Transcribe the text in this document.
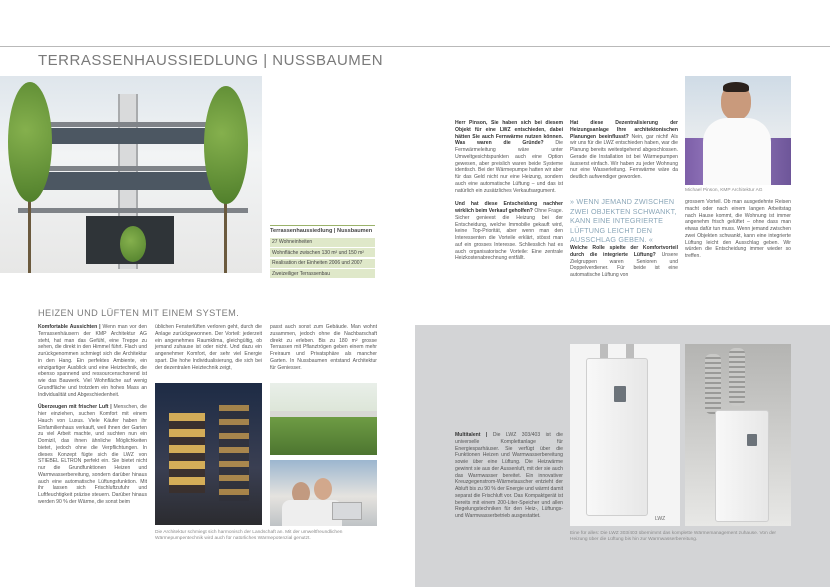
TERRASSENHAUSSIEDLUNG | NUSSBAUMEN
Terrassenhaussiedlung | Nussbaumen
27 Wohneinheiten
Wohnfläche zwischen 130 m² und 150 m²
Realisation der Einheiten 2006 und 2007
Zweizeiliger Terrassenbau
Herr Pinson, Sie haben sich bei diesem Objekt für eine LWZ entschieden, dabei hätten Sie auch Fernwärme nutzen können. Was waren die Gründe? Die Fernwärmeleitung wäre unter Umweltgesichtspunkten auch eine Option gewesen, aber preislich waren beide Systeme identisch. Bei der Wärmepumpe hatten wir aber für das Geld nicht nur eine Heizung, sondern auch eine automatische Lüftung – und das ist natürlich ein zusätzliches Verkaufsargument.
Und hat diese Entscheidung nachher wirklich beim Verkauf geholfen? Ohne Frage. Sicher genieest die Heizung bei der Entscheidung, welche Immobilie gekauft wird, keine Top-Priorität, aber wenn man den Interessenten die Vorteile erklärt, stösst man auf ein grosses Interesse. Schliesslich hat es auch organisatorische Vorteile: Eine zentrale Heizkostenabrechnung entfällt.
Hat diese Dezentralisierung der Heizungsanlage Ihre architektonischen Planungen beeinflusst? Nein, gar nicht! Als wir uns für die LWZ entschieden haben, war die Planung bereits weitestgehend abgeschlossen. Gerade die Installation ist bei Wärmepumpen äusserst einfach. Wir haben zu jeder Wohnung nur eine Wasserleitung. Fernwärme wäre da deutlich aufwendiger geworden.
» WENN JEMAND ZWISCHEN ZWEI OBJEKTEN SCHWANKT, KANN EINE INTEGRIERTE LÜFTUNG LEICHT DEN AUSSCHLAG GEBEN. «
Welche Rolle spielte der Komfortvorteil durch die integrierte Lüftung? Unsere Zielgruppen waren Senioren und Doppelverdiener. Für beide ist eine automatische Lüftung von
Michael Pinson, KMP Architektur AG
grossem Vorteil. Ob man ausgedehnte Reisen macht oder nach einem langen Arbeitstag nach Hause kommt, die Wohnung ist immer angenehm frisch gelüftet – ohne dass man etwas dafür tun muss. Wenn jemand zwischen zwei Objekten schwankt, kann eine integrierte Lüftung leicht den Ausschlag geben. Wir würden die Entscheidung immer wieder so treffen.
HEIZEN UND LÜFTEN MIT EINEM SYSTEM.
Komfortable Aussichten | Wenn man vor den Terrassenhäusern der KMP Architektur AG steht, hat man das Gefühl, eine Treppe zu sehen, die direkt in den Himmel führt. Flach und zurückgenommen schmiegt sich die Architektur in den Hang. Ein perfektes Ambiente, ein einzigartiger Ausblick und eine Heiztechnik, die ebenso spannend und ressourcenschonend ist wie das Bauwerk. Viel Wohnfläche auf wenig Grundfläche und trotzdem ein hohes Mass an Individualität und Abgeschiedenheit.
Überzeugen mit frischer Luft | Menschen, die hier einziehen, suchen Komfort mit einem Hauch von Luxus. Viele Käufer haben ihr Einfamilienhaus verkauft, weil ihnen der Garten zu viel Arbeit machte, und suchten nun ein Domizil, das ihnen ähnliche Möglichkeiten bietet, jedoch ohne die Verpflichtungen. In dieses Konzept fügte sich die LWZ von STIEBEL ELTRON perfekt ein. Sie bietet nicht nur die Grundfunktionen Heizen und Warmwasserbereitung, sondern darüber hinaus auch eine automatische Lüftungsfunktion. Mit ihr lassen sich Frischluftzufuhr und Luftfeuchtigkeit präzise steuern. Darüber hinaus werden 90 % der Wärme, die sonst beim
üblichen Fensterlüften verloren geht, durch die Anlage zurückgewonnen. Der Vorteil: jederzeit ein angenehmes Raumklima, gleichgültig, ob jemand zuhause ist oder nicht. Und dazu ein angenehmer Komfort, der sehr viel Energie spart. Die hohe Individualisierung, die sich bei der dezentralen Heiztechnik zeigt,
passt auch sonst zum Gebäude. Man wohnt zusammen, jedoch ohne die Nachbarschaft direkt zu erleben. Bis zu 180 m² grosse Terrassen mit Pflanztrögen geben einem mehr Freiraum und Privatsphäre als mancher Garten. In Nussbaumen entstand Architektur für Geniesser.
Die Architektur schmiegt sich harmonisch der Landschaft an. Mit der umweltfreundlichen Wärmepumpentechnik wird auch für natürliches Wärmepotenzial genutzt.
Multitalent | Die LWZ 303/403 ist die universelle Komplettanlage für Energiesparhäuser. Sie verfügt über die Funktionen Heizen und Warmwasserbereitung sowie über eine Lüftung. Die Heizwärme gewinnt sie aus der Aussenluft, mit der sie auch das Warmwasser bereitet. Ein innovativer Kreuzgegenstrom-Wärmetauscher entzieht der Abluft bis zu 90 % der Energie und wärmt damit separat die Frischluft vor. Das Kompaktgerät ist bereits mit einem 200-Liter-Speicher und allen Regelungstechniken für den Heiz-, Lüftungs- und Warmwasserbetrieb ausgestattet.	LWZ
Eine für alles: Die LWZ 303/403 übernimmt das komplette Wärmemanagement zuhause. Von der Heizung über die Lüftung bis hin zur Warmwasserbereitung.
